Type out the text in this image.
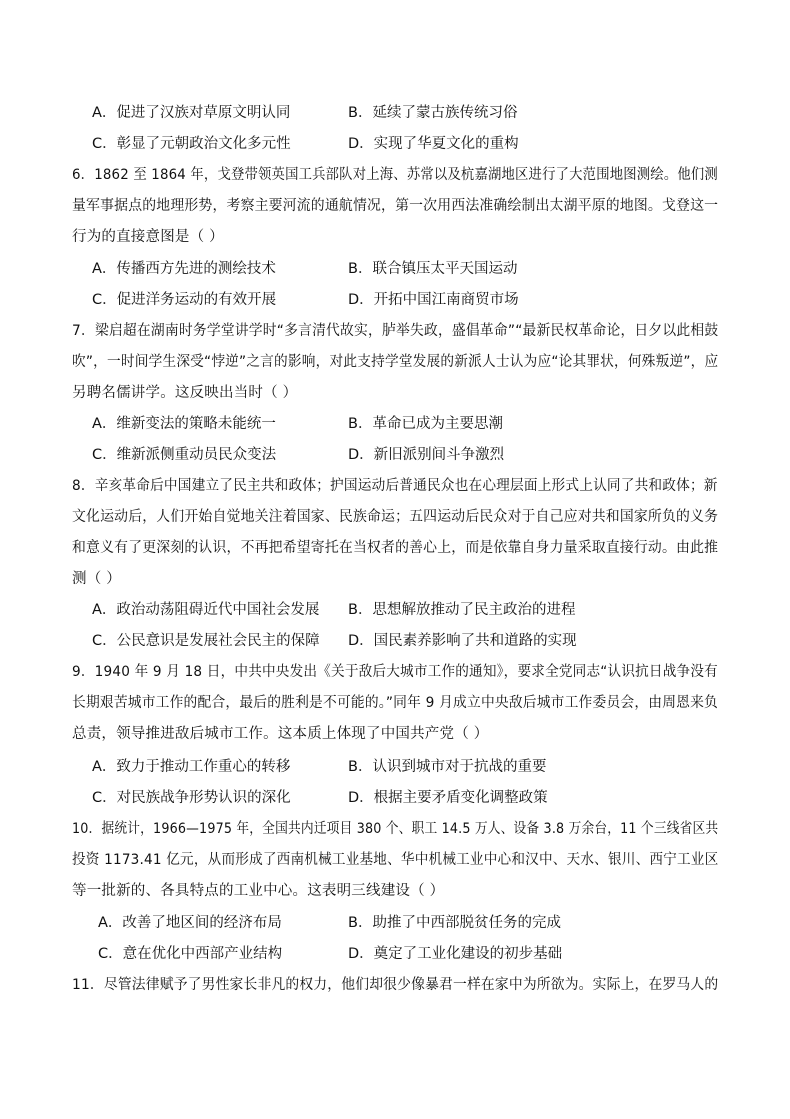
A．促进了汉族对草原文明认同	B．延续了蒙古族传统习俗
C．彰显了元朝政治文化多元性	D．实现了华夏文化的重构
6．1862 至 1864 年，戈登带领英国工兵部队对上海、苏常以及杭嘉湖地区进行了大范围地图测绘。他们测
量军事据点的地理形势，考察主要河流的通航情况，第一次用西法准确绘制出太湖平原的地图。戈登这一
行为的直接意图是（ ）
A．传播西方先进的测绘技术	B．联合镇压太平天国运动
C．促进洋务运动的有效开展	D．开拓中国江南商贸市场
7．梁启超在湖南时务学堂讲学时“多言清代故实，胪举失政，盛倡革命”“最新民权革命论，日夕以此相鼓
吹”，一时间学生深受“悖逆”之言的影响，对此支持学堂发展的新派人士认为应“论其罪状，何殊叛逆”，应
另聘名儒讲学。这反映出当时（ ）
A．维新变法的策略未能统一	B．革命已成为主要思潮
C．维新派侧重动员民众变法	D．新旧派别间斗争激烈
8．辛亥革命后中国建立了民主共和政体；护国运动后普通民众也在心理层面上形式上认同了共和政体；新
文化运动后，人们开始自觉地关注着国家、民族命运；五四运动后民众对于自己应对共和国家所负的义务
和意义有了更深刻的认识，不再把希望寄托在当权者的善心上，而是依靠自身力量采取直接行动。由此推
测（ ）
A．政治动荡阻碍近代中国社会发展 B．思想解放推动了民主政治的进程
C．公民意识是发展社会民主的保障 D．国民素养影响了共和道路的实现
9．1940 年 9 月 18 日，中共中央发出《关于敌后大城市工作的通知》，要求全党同志“认识抗日战争没有
长期艰苦城市工作的配合，最后的胜利是不可能的。”同年 9 月成立中央敌后城市工作委员会，由周恩来负
总责，领导推进敌后城市工作。这本质上体现了中国共产党（ ）
A．致力于推动工作重心的转移	B．认识到城市对于抗战的重要
C．对民族战争形势认识的深化	D．根据主要矛盾变化调整政策
10．据统计，1966—1975 年，全国共内迁项目 380 个、职工 14.5 万人、设备 3.8 万余台，11 个三线省区共
投资 1173.41 亿元，从而形成了西南机械工业基地、华中机械工业中心和汉中、天水、银川、西宁工业区
等一批新的、各具特点的工业中心。这表明三线建设（ ）
A．改善了地区间的经济布局	B．助推了中西部脱贫任务的完成
C．意在优化中西部产业结构	D．奠定了工业化建设的初步基础
11．尽管法律赋予了男性家长非凡的权力，他们却很少像暴君一样在家中为所欲为。实际上，在罗马人的
